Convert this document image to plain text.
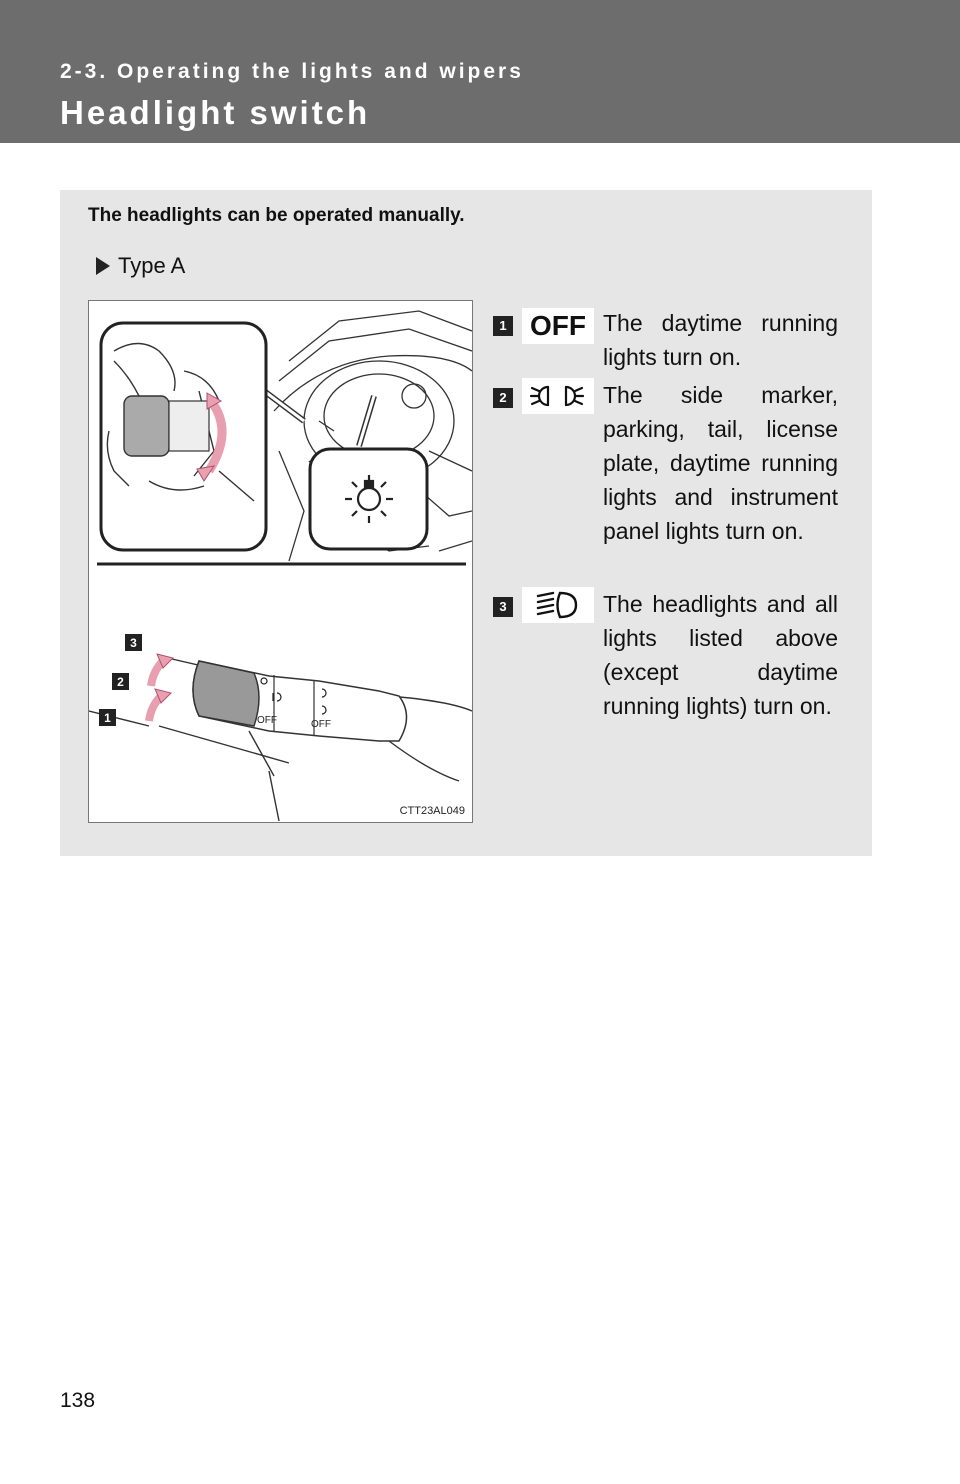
2-3. Operating the lights and wipers
Headlight switch
The headlights can be operated manually.
Type A
OFF	OFF
3
2
1
CTT23AL049
1 OFF The daytime running lights turn on.
2	The side marker, parking, tail, license plate, daytime running lights and instrument panel lights turn on.
3	The headlights and all lights listed above (except daytime running lights) turn on.
138
